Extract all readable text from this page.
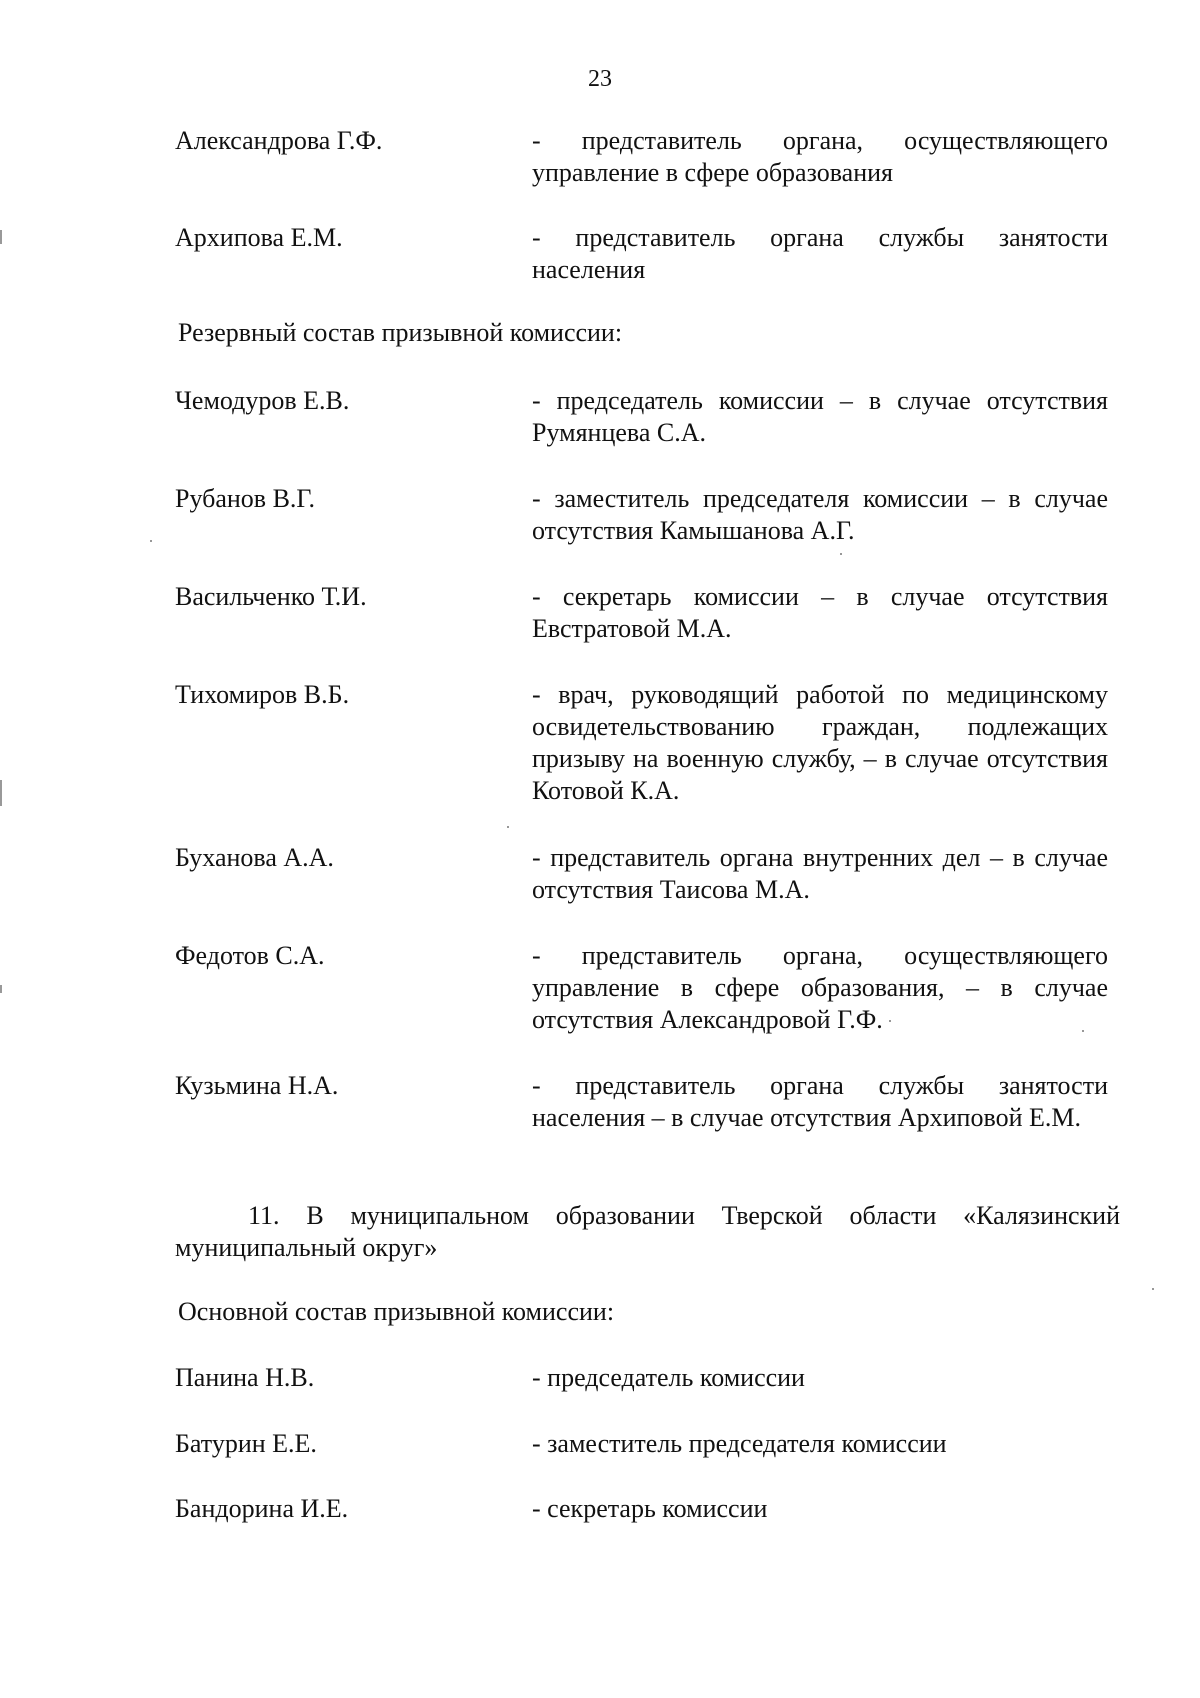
23
Александрова Г.Ф.	- представитель органа, осуществляющего управление в сфере образования
Архипова Е.М.	- представитель органа службы занятости населения
Резервный состав призывной комиссии:
Чемодуров Е.В.	- председатель комиссии – в случае отсутствия Румянцева С.А.
Рубанов В.Г.	- заместитель председателя комиссии – в случае отсутствия Камышанова А.Г.
Васильченко Т.И.	- секретарь комиссии – в случае отсутствия Евстратовой М.А.
Тихомиров В.Б.	- врач, руководящий работой по медицинскому освидетельствованию граждан, подлежащих призыву на военную службу, – в случае отсутствия Котовой К.А.
Буханова А.А.	- представитель органа внутренних дел – в случае отсутствия Таисова М.А.
Федотов С.А.	- представитель органа, осуществляющего управление в сфере образования, – в случае отсутствия Александровой Г.Ф.
Кузьмина Н.А.	- представитель органа службы занятости населения – в случае отсутствия Архиповой Е.М.
11. В муниципальном образовании Тверской области «Калязинский муниципальный округ»
Основной состав призывной комиссии:
Панина Н.В.	- председатель комиссии
Батурин Е.Е.	- заместитель председателя комиссии
Бандорина И.Е.	- секретарь комиссии
